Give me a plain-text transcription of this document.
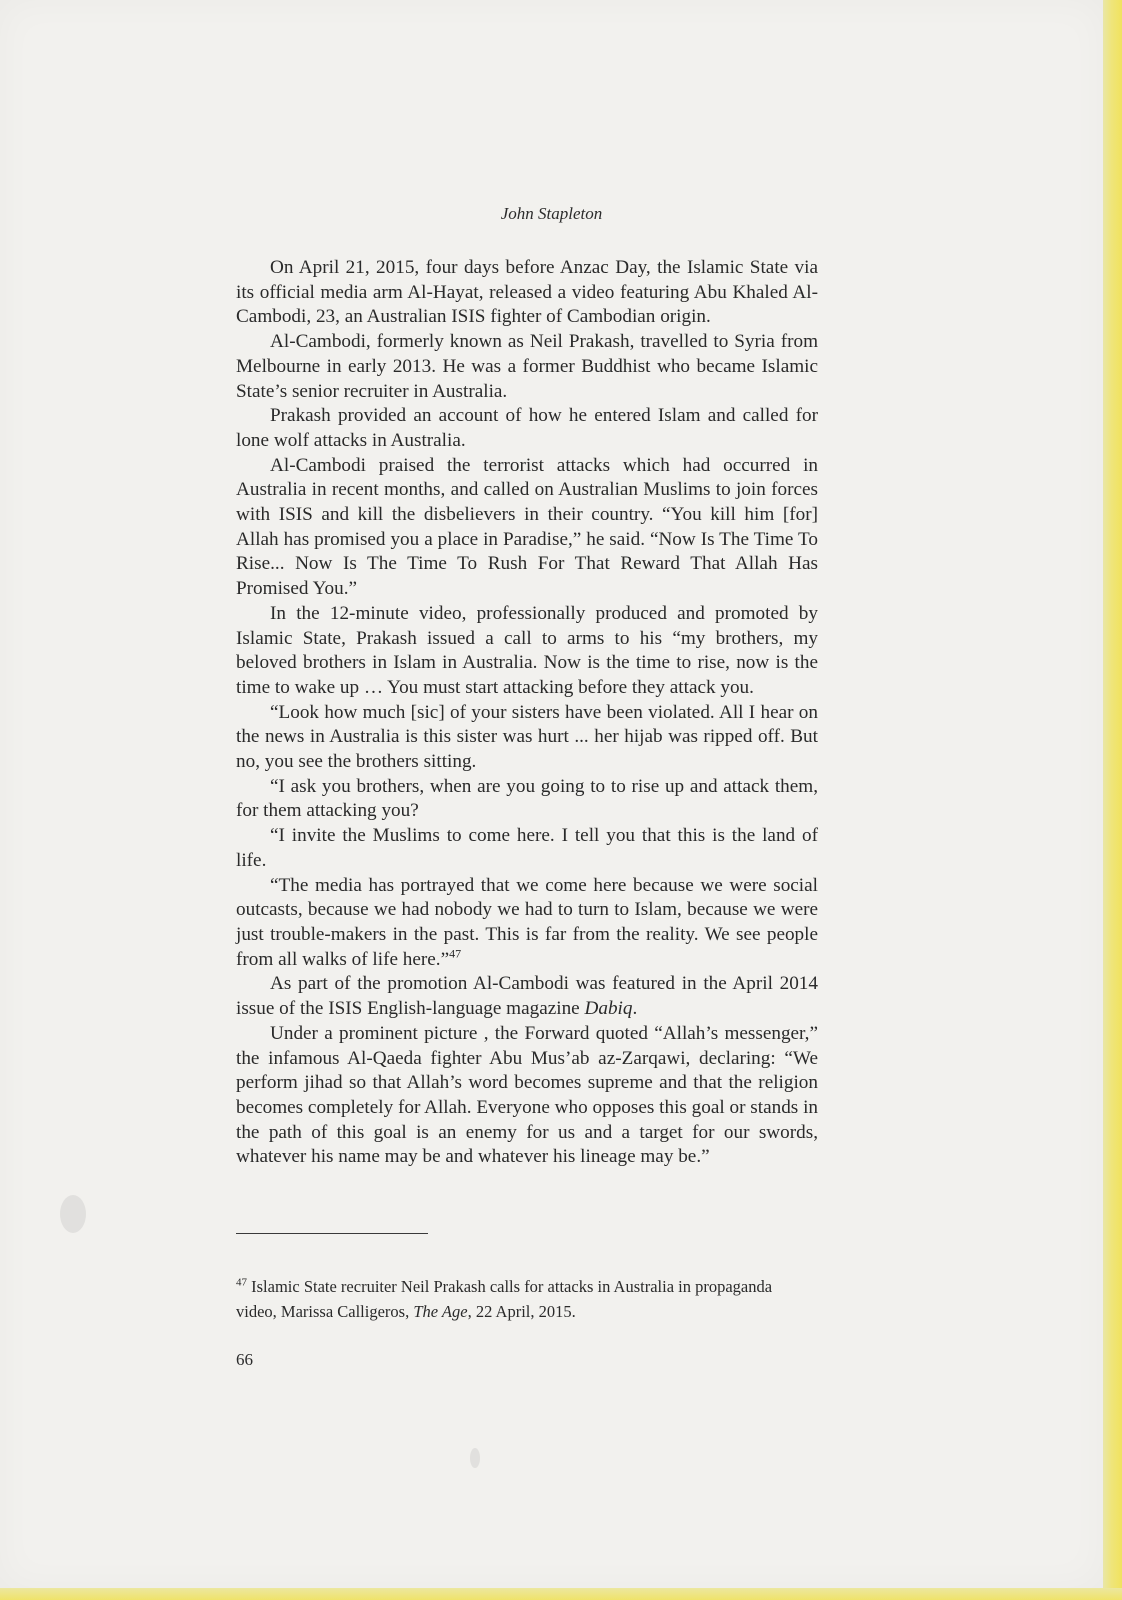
John Stapleton

On April 21, 2015, four days before Anzac Day, the Islamic State via its official media arm Al-Hayat, released a video featuring Abu Khaled Al-Cambodi, 23, an Australian ISIS fighter of Cambodian origin.

Al-Cambodi, formerly known as Neil Prakash, travelled to Syria from Melbourne in early 2013. He was a former Buddhist who became Islamic State’s senior recruiter in Australia.

Prakash provided an account of how he entered Islam and called for lone wolf attacks in Australia.

Al-Cambodi praised the terrorist attacks which had occurred in Australia in recent months, and called on Australian Muslims to join forces with ISIS and kill the disbelievers in their country. “You kill him [for] Allah has promised you a place in Paradise,” he said. “Now Is The Time To Rise... Now Is The Time To Rush For That Reward That Allah Has Promised You.”

In the 12-minute video, professionally produced and promoted by Islamic State, Prakash issued a call to arms to his “my brothers, my beloved brothers in Islam in Australia. Now is the time to rise, now is the time to wake up … You must start attacking before they attack you.

“Look how much [sic] of your sisters have been violated. All I hear on the news in Australia is this sister was hurt ... her hijab was ripped off. But no, you see the brothers sitting.

“I ask you brothers, when are you going to to rise up and attack them, for them attacking you?

“I invite the Muslims to come here. I tell you that this is the land of life.

“The media has portrayed that we come here because we were social outcasts, because we had nobody we had to turn to Islam, because we were just trouble-makers in the past. This is far from the reality. We see people from all walks of life here.”$^{47}$

As part of the promotion Al-Cambodi was featured in the April 2014 issue of the ISIS English-language magazine Dabiq.

Under a prominent picture , the Forward quoted “Allah’s messenger,” the infamous Al-Qaeda fighter Abu Mus’ab az-Zarqawi, declaring: “We perform jihad so that Allah’s word becomes supreme and that the religion becomes completely for Allah. Everyone who opposes this goal or stands in the path of this goal is an enemy for us and a target for our swords, whatever his name may be and whatever his lineage may be.”

$^{47}$ Islamic State recruiter Neil Prakash calls for attacks in Australia in propaganda video, Marissa Calligeros, The Age, 22 April, 2015.
66
